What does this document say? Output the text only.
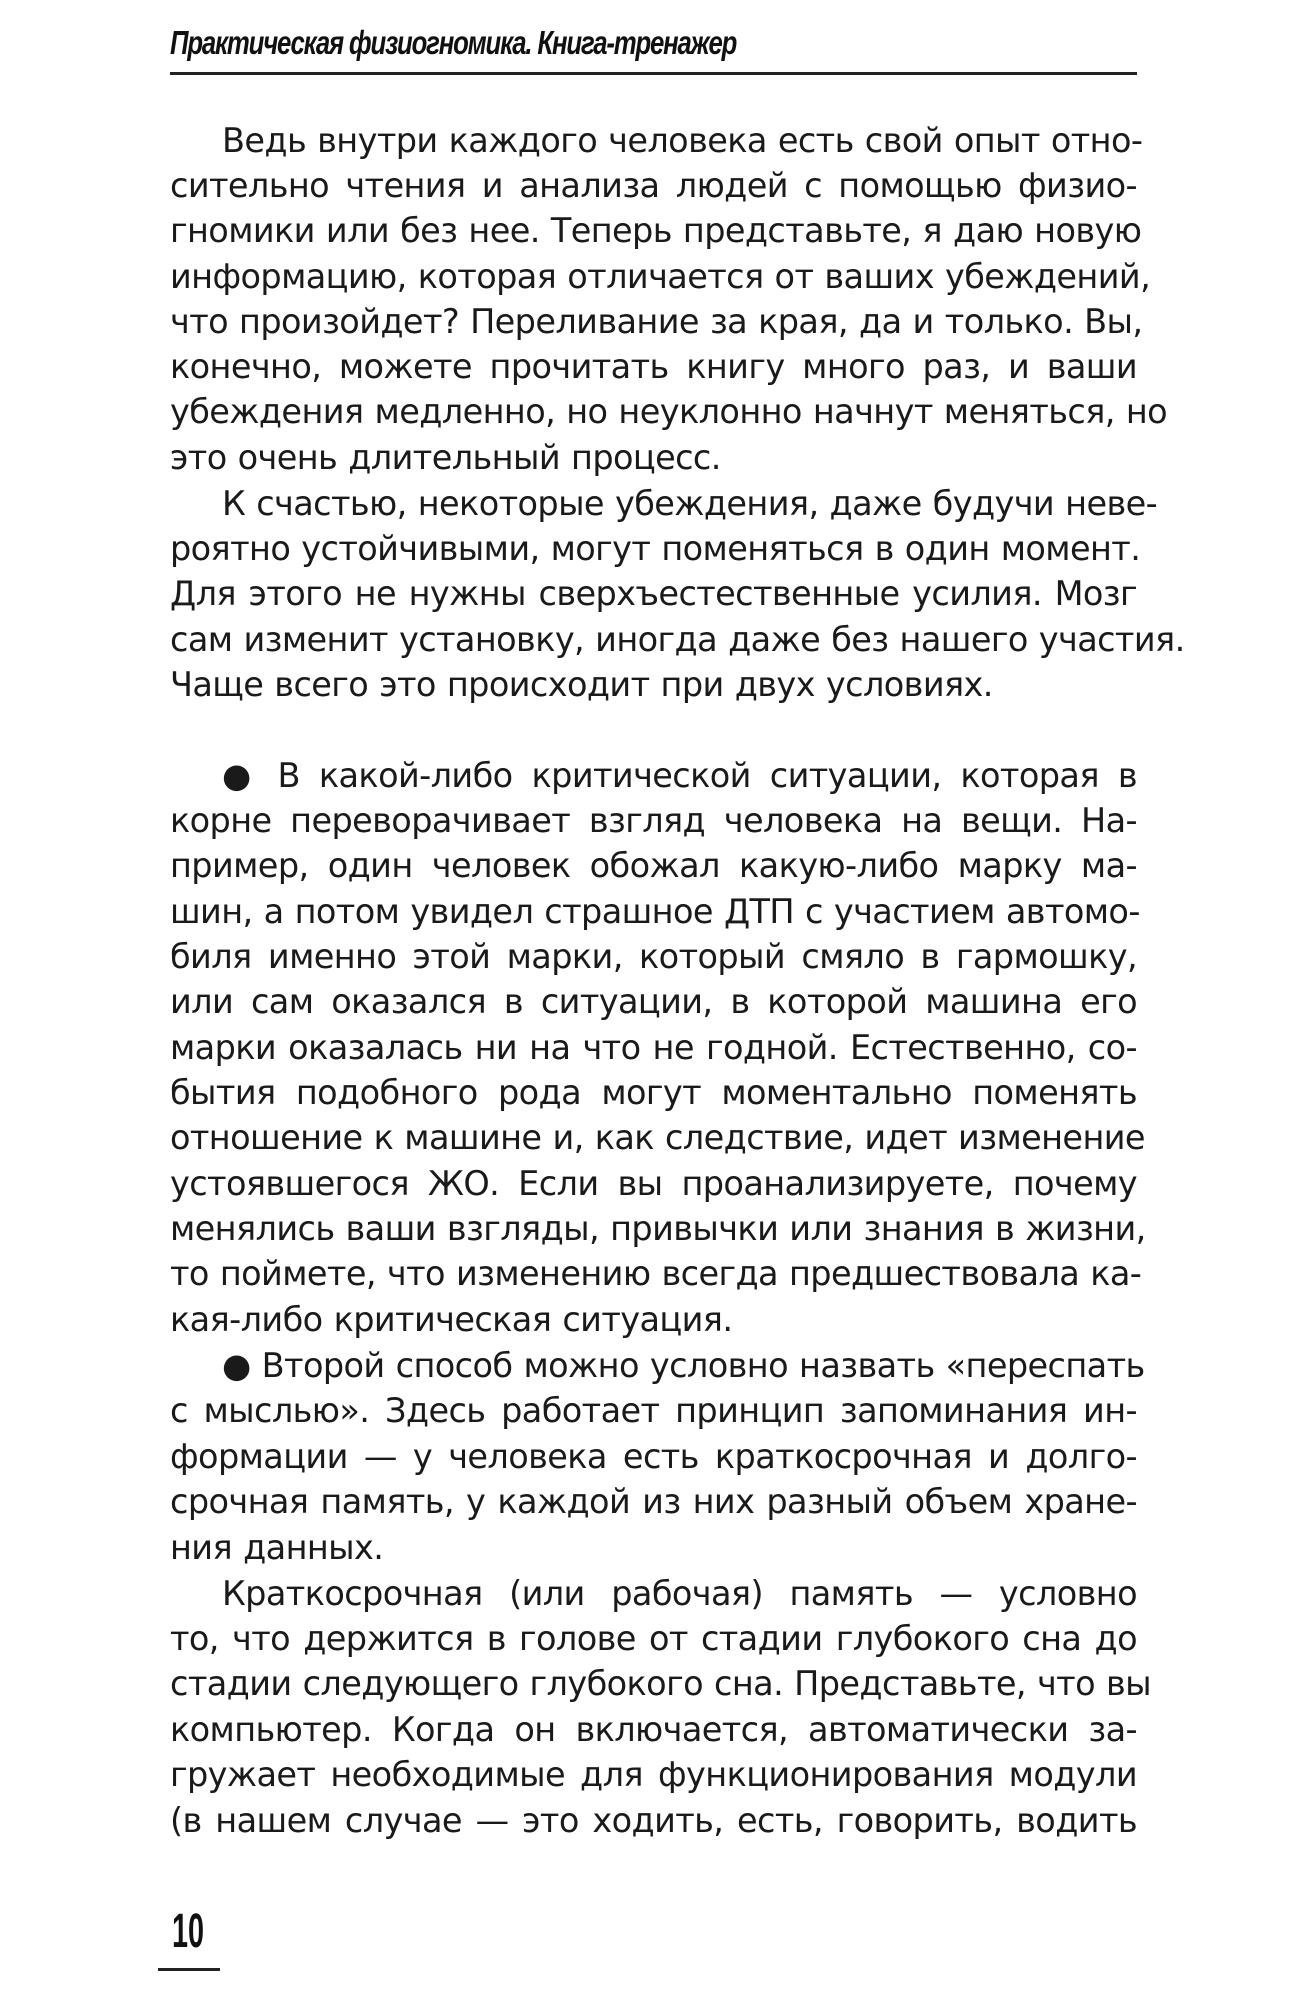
Практическая физиогномика. Книга-тренажер
Ведь внутри каждого человека есть свой опыт отно-
сительно чтения и анализа людей с помощью физио-
гномики или без нее. Теперь представьте, я даю новую
информацию, которая отличается от ваших убеждений,
что произойдет? Переливание за края, да и только. Вы,
конечно, можете прочитать книгу много раз, и ваши
убеждения медленно, но неуклонно начнут меняться, но
это очень длительный процесс.
К счастью, некоторые убеждения, даже будучи неве-
роятно устойчивыми, могут поменяться в один момент.
Для этого не нужны сверхъестественные усилия. Мозг
сам изменит установку, иногда даже без нашего участия.
Чаще всего это происходит при двух условиях.
● В какой-либо критической ситуации, которая в
корне переворачивает взгляд человека на вещи. На-
пример, один человек обожал какую-либо марку ма-
шин, а потом увидел страшное ДТП с участием автомо-
биля именно этой марки, который смяло в гармошку,
или сам оказался в ситуации, в которой машина его
марки оказалась ни на что не годной. Естественно, со-
бытия подобного рода могут моментально поменять
отношение к машине и, как следствие, идет изменение
устоявшегося ЖО. Если вы проанализируете, почему
менялись ваши взгляды, привычки или знания в жизни,
то поймете, что изменению всегда предшествовала ка-
кая-либо критическая ситуация.
● Второй способ можно условно назвать «переспать
с мыслью». Здесь работает принцип запоминания ин-
формации — у человека есть краткосрочная и долго-
срочная память, у каждой из них разный объем хране-
ния данных.
Краткосрочная (или рабочая) память — условно
то, что держится в голове от стадии глубокого сна до
стадии следующего глубокого сна. Представьте, что вы
компьютер. Когда он включается, автоматически за-
гружает необходимые для функционирования модули
(в нашем случае — это ходить, есть, говорить, водить
10
